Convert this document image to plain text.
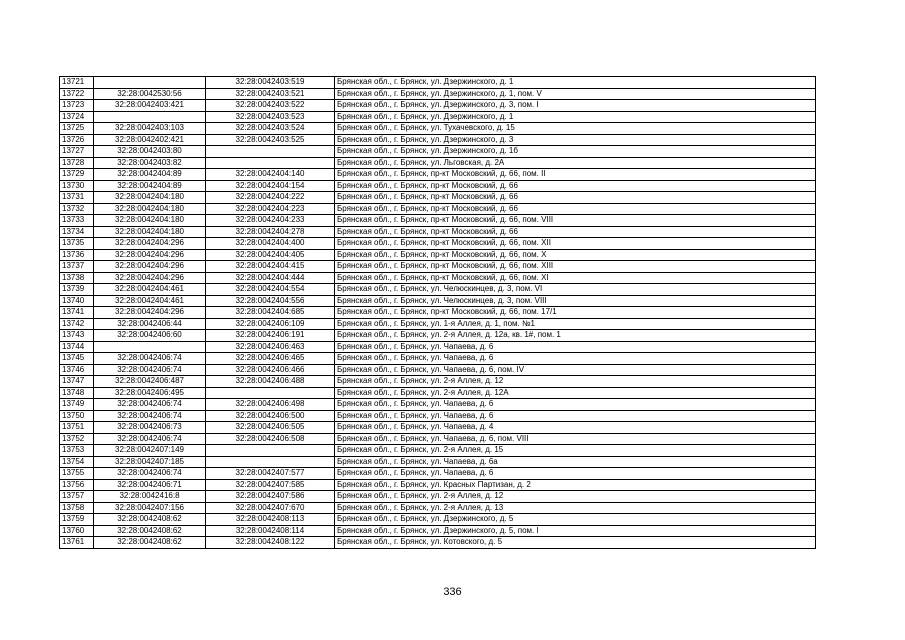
13721		32:28:0042403:519	Брянская обл., г. Брянск, ул. Дзержинского, д. 1
13722	32:28:0042530:56	32:28:0042403:521	Брянская обл., г. Брянск, ул. Дзержинского, д. 1, пом. V
13723	32:28:0042403:421	32:28:0042403:522	Брянская обл., г. Брянск, ул. Дзержинского, д. 3, пом. I
13724		32:28:0042403:523	Брянская обл., г. Брянск, ул. Дзержинского, д. 1
13725	32:28:0042403:103	32:28:0042403:524	Брянская обл., г. Брянск, ул. Тухачевского, д. 15
13726	32:28:0042402:421	32:28:0042403:525	Брянская обл., г. Брянск, ул. Дзержинского, д. 3
13727	32:28:0042403:80		Брянская обл., г. Брянск, ул. Дзержинского, д. 1б
13728	32:28:0042403:82		Брянская обл., г. Брянск, ул. Льговская, д. 2А
13729	32:28:0042404:89	32:28:0042404:140	Брянская обл., г. Брянск, пр-кт Московский, д. 66, пом. II
13730	32:28:0042404:89	32:28:0042404:154	Брянская обл., г. Брянск, пр-кт Московский, д. 66
13731	32:28:0042404:180	32:28:0042404:222	Брянская обл., г. Брянск, пр-кт Московский, д. 66
13732	32:28:0042404:180	32:28:0042404:223	Брянская обл., г. Брянск, пр-кт Московский, д. 66
13733	32:28:0042404:180	32:28:0042404:233	Брянская обл., г. Брянск, пр-кт Московский, д. 66, пом. VIII
13734	32:28:0042404:180	32:28:0042404:278	Брянская обл., г. Брянск, пр-кт Московский, д. 66
13735	32:28:0042404:296	32:28:0042404:400	Брянская обл., г. Брянск, пр-кт Московский, д. 66, пом. XII
13736	32:28:0042404:296	32:28:0042404:405	Брянская обл., г. Брянск, пр-кт Московский, д. 66, пом. X
13737	32:28:0042404:296	32:28:0042404:415	Брянская обл., г. Брянск, пр-кт Московский, д. 66, пом. XIII
13738	32:28:0042404:296	32:28:0042404:444	Брянская обл., г. Брянск, пр-кт Московский, д. 66, пом. XI
13739	32:28:0042404:461	32:28:0042404:554	Брянская обл., г. Брянск, ул. Челюскинцев, д. 3, пом. VI
13740	32:28:0042404:461	32:28:0042404:556	Брянская обл., г. Брянск, ул. Челюскинцев, д. 3, пом. VIII
13741	32:28:0042404:296	32:28:0042404:685	Брянская обл., г. Брянск, пр-кт Московский, д. 66, пом. 17/1
13742	32:28:0042406:44	32:28:0042406:109	Брянская обл., г. Брянск, ул. 1-я Аллея, д. 1, пом. №1
13743	32:28:0042406:60	32:28:0042406:191	Брянская обл., г. Брянск, ул. 2-я Аллея, д. 12а, кв. 1#, пом. 1
13744		32:28:0042406:463	Брянская обл., г. Брянск, ул. Чапаева, д. 6
13745	32:28:0042406:74	32:28:0042406:465	Брянская обл., г. Брянск, ул. Чапаева, д. 6
13746	32:28:0042406:74	32:28:0042406:466	Брянская обл., г. Брянск, ул. Чапаева, д. 6, пом. IV
13747	32:28:0042406:487	32:28:0042406:488	Брянская обл., г. Брянск, ул. 2-я Аллея, д. 12
13748	32:28:0042406:495		Брянская обл., г. Брянск, ул. 2-я Аллея, д. 12А
13749	32:28:0042406:74	32:28:0042406:498	Брянская обл., г. Брянск, ул. Чапаева, д. 6
13750	32:28:0042406:74	32:28:0042406:500	Брянская обл., г. Брянск, ул. Чапаева, д. 6
13751	32:28:0042406:73	32:28:0042406:505	Брянская обл., г. Брянск, ул. Чапаева, д. 4
13752	32:28:0042406:74	32:28:0042406:508	Брянская обл., г. Брянск, ул. Чапаева, д. 6, пом. VIII
13753	32:28:0042407:149		Брянская обл., г. Брянск, ул. 2-я Аллея, д. 15
13754	32:28:0042407:185		Брянская обл., г. Брянск, ул. Чапаева, д. 6а
13755	32:28:0042406:74	32:28:0042407:577	Брянская обл., г. Брянск, ул. Чапаева, д. 6
13756	32:28:0042406:71	32:28:0042407:585	Брянская обл., г. Брянск, ул. Красных Партизан, д. 2
13757	32:28:0042416:8	32:28:0042407:586	Брянская обл., г. Брянск, ул. 2-я Аллея, д. 12
13758	32:28:0042407:156	32:28:0042407:670	Брянская обл., г. Брянск, ул. 2-я Аллея, д. 13
13759	32:28:0042408:62	32:28:0042408:113	Брянская обл., г. Брянск, ул. Дзержинского, д. 5
13760	32:28:0042408:62	32:28:0042408:114	Брянская обл., г. Брянск, ул. Дзержинского, д. 5, пом. I
13761	32:28:0042408:62	32:28:0042408:122	Брянская обл., г. Брянск, ул. Котовского, д. 5
336
